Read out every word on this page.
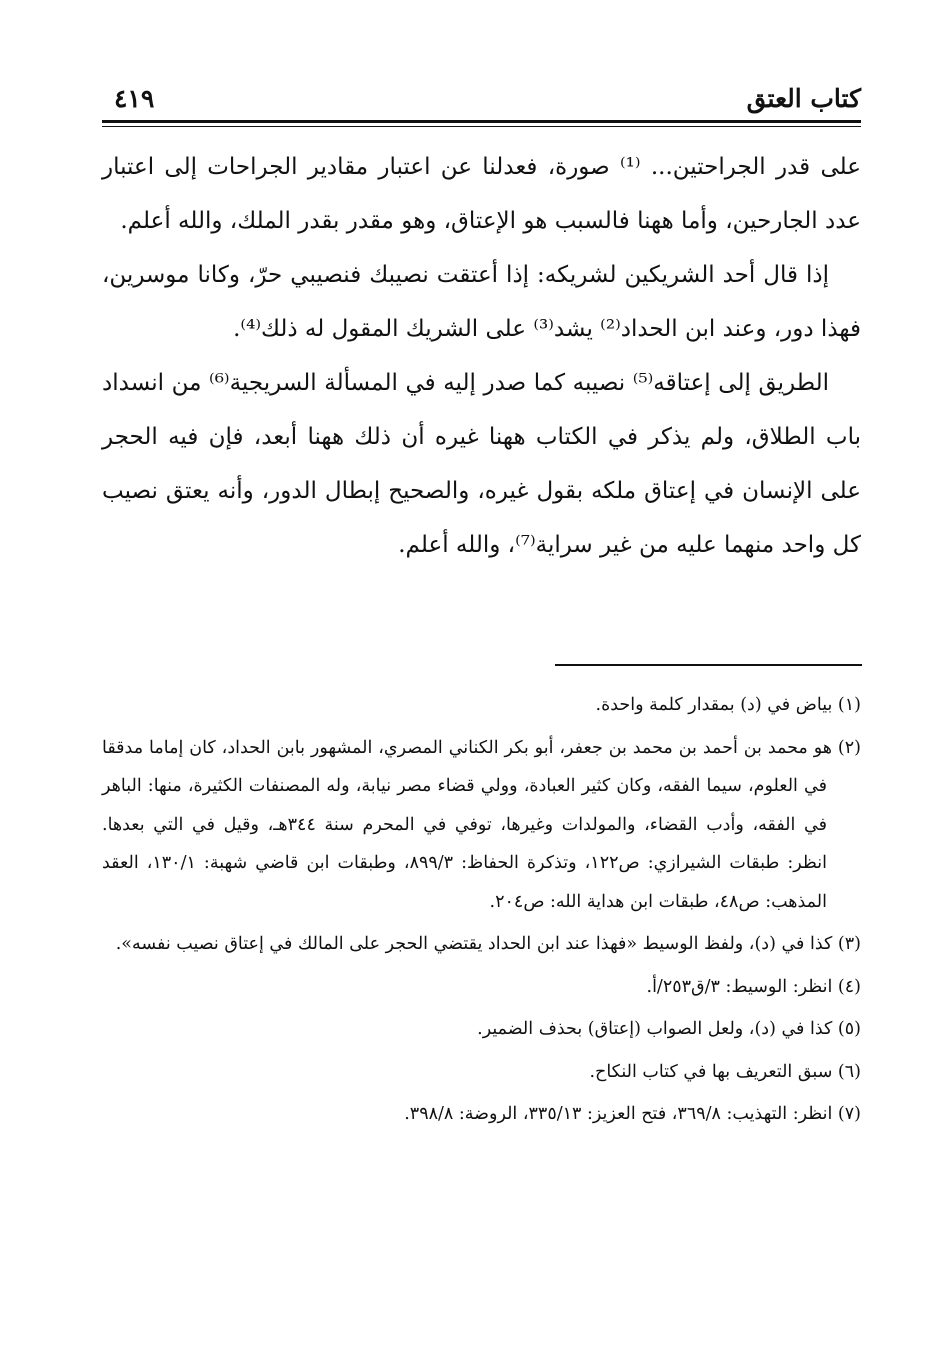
كتاب العتق
٤١٩

على قدر الجراحتين... ⁽¹⁾ صورة، فعدلنا عن اعتبار مقادير الجراحات إلى اعتبار عدد الجارحين، وأما ههنا فالسبب هو الإعتاق، وهو مقدر بقدر الملك، والله أعلم.

إذا قال أحد الشريكين لشريكه: إذا أعتقت نصيبك فنصيبي حرّ، وكانا موسرين، فهذا دور، وعند ابن الحداد⁽²⁾ يشد⁽³⁾ على الشريك المقول له ذلك⁽⁴⁾.

الطريق إلى إعتاقه⁽⁵⁾ نصيبه كما صدر إليه في المسألة السريجية⁽⁶⁾ من انسداد باب الطلاق، ولم يذكر في الكتاب ههنا غيره أن ذلك ههنا أبعد، فإن فيه الحجر على الإنسان في إعتاق ملكه بقول غيره، والصحيح إبطال الدور، وأنه يعتق نصيب كل واحد منهما عليه من غير سراية⁽⁷⁾، والله أعلم.

(١) بياض في (د) بمقدار كلمة واحدة.

(٢) هو محمد بن أحمد بن محمد بن جعفر، أبو بكر الكناني المصري، المشهور بابن الحداد، كان إماما مدققا في العلوم، سيما الفقه، وكان كثير العبادة، وولي قضاء مصر نيابة، وله المصنفات الكثيرة، منها: الباهر في الفقه، وأدب القضاء، والمولدات وغيرها، توفي في المحرم سنة ٣٤٤هـ، وقيل في التي بعدها. انظر: طبقات الشيرازي: ص١٢٢، وتذكرة الحفاظ: ٨٩٩/٣، وطبقات ابن قاضي شهبة: ١٣٠/١، العقد المذهب: ص٤٨، طبقات ابن هداية الله: ص٢٠٤.

(٣) كذا في (د)، ولفظ الوسيط «فهذا عند ابن الحداد يقتضي الحجر على المالك في إعتاق نصيب نفسه».

(٤) انظر: الوسيط: ٣/ق٢٥٣/أ.

(٥) كذا في (د)، ولعل الصواب (إعتاق) بحذف الضمير.

(٦) سبق التعريف بها في كتاب النكاح.

(٧) انظر: التهذيب: ٣٦٩/٨، فتح العزيز: ٣٣٥/١٣، الروضة: ٣٩٨/٨.
